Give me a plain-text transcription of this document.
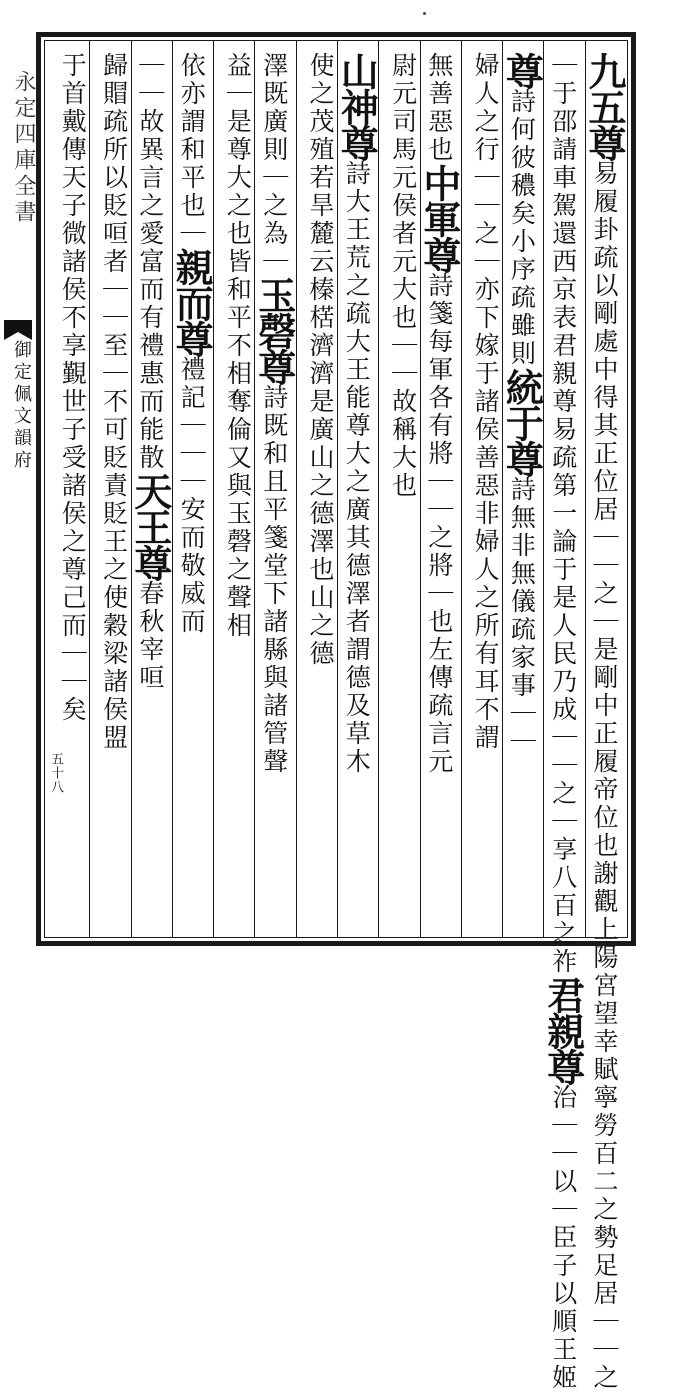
永定四庫全書
御定佩文韻府
五十八
九五尊易履卦疏以剛處中得其正位居｜｜之｜是剛中正履帝位也謝觀上陽宮望幸賦寧勞百二之勢足居｜｜之
｜于邵請車駕還西京表君親尊易疏第一論于是人民乃成｜｜之｜享八百之祚君親尊治｜｜以｜臣子以順王姬
尊詩何彼穠矣小序疏雖則統于尊詩無非無儀疏家事｜｜
婦人之行｜｜之｜亦下嫁于諸侯善惡非婦人之所有耳不謂
無善惡也中軍尊詩箋每軍各有將｜｜之將｜也左傳疏言元
尉元司馬元侯者元大也｜｜故稱大也
山神尊詩大王荒之疏大王能尊大之廣其德澤者謂德及草木
使之茂殖若旱麓云榛楛濟濟是廣山之德澤也山之德
澤既廣則｜之為｜玉磬尊詩既和且平箋堂下諸縣與諸管聲
益｜是尊大之也皆和平不相奪倫又與玉磬之聲相
依亦謂和平也｜親而尊禮記｜｜｜安而敬威而
｜｜故異言之愛富而有禮惠而能散天王尊春秋宰咺
歸賵疏所以貶咺者｜｜至｜不可貶責貶王之使穀梁諸侯盟
于首戴傳天子微諸侯不享覲世子受諸侯之尊己而｜｜矣
